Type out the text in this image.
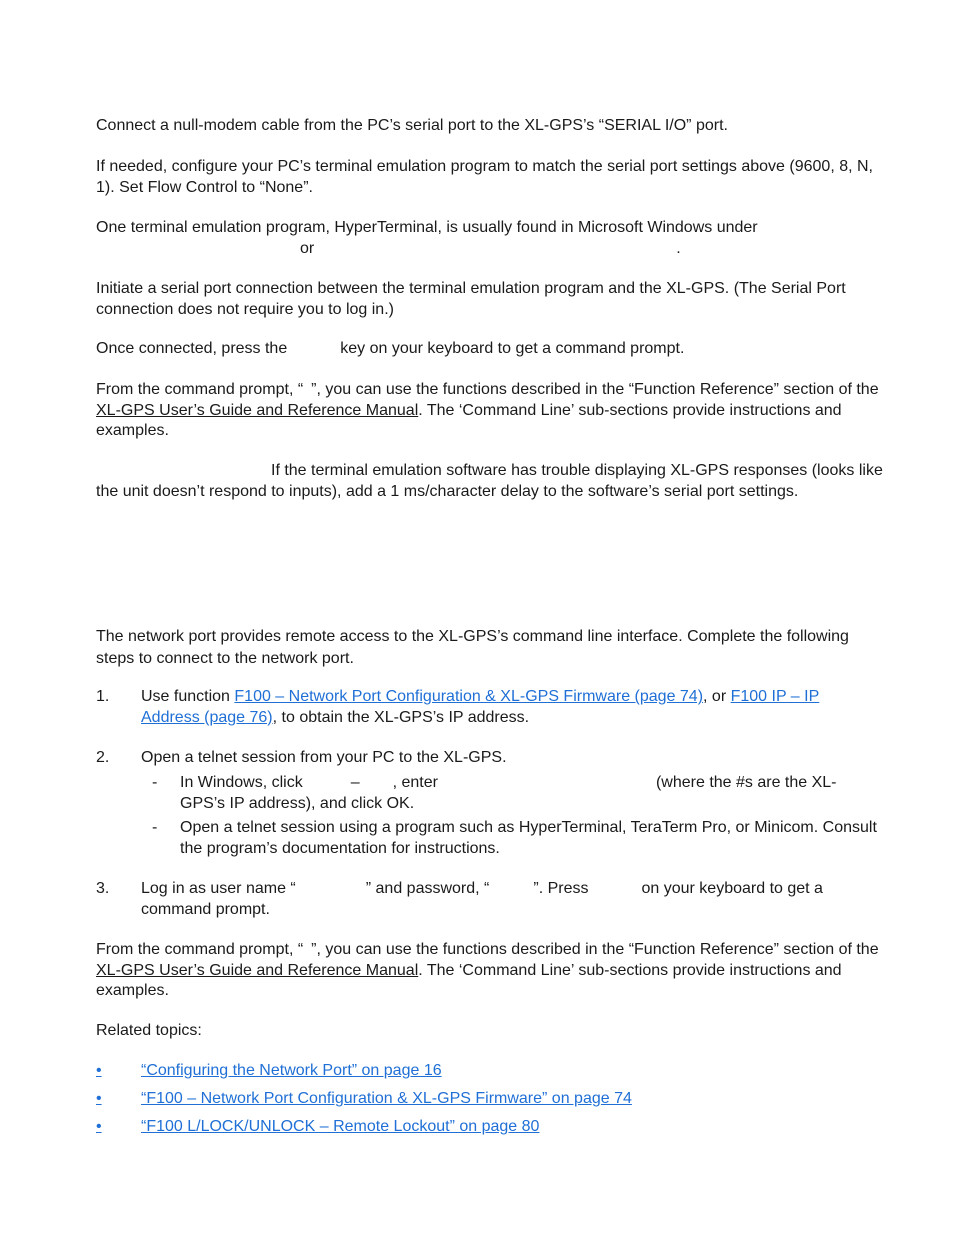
Connect a null-modem cable from the PC’s serial port to the XL-GPS’s “SERIAL I/O” port.

If needed, configure your PC’s terminal emulation program to match the serial port settings above (9600, 8, N, 1). Set Flow Control to “None”.

One terminal emulation program, HyperTerminal, is usually found in Microsoft Windows under
or	.

Initiate a serial port connection between the terminal emulation program and the XL-GPS. (The Serial Port connection does not require you to log in.)

Once connected, press the	key on your keyboard to get a command prompt.

From the command prompt, “ ”, you can use the functions described in the “Function Reference” section of the XL-GPS User’s Guide and Reference Manual. The ‘Command Line’ sub-sections provide instructions and examples.

If the terminal emulation software has trouble displaying XL-GPS responses (looks like the unit doesn’t respond to inputs), add a 1 ms/character delay to the software’s serial port settings.

The network port provides remote access to the XL-GPS’s command line interface. Complete the following steps to connect to the network port.

1. Use function F100 – Network Port Configuration & XL-GPS Firmware (page 74), or F100 IP – IP Address (page 76), to obtain the XL-GPS’s IP address.
2. Open a telnet session from your PC to the XL-GPS.
- In Windows, click	– , enter	(where the #s are the XL-GPS’s IP address), and click OK.
- Open a telnet session using a program such as HyperTerminal, TeraTerm Pro, or Minicom. Consult the program’s documentation for instructions.
3. Log in as user name “	” and password, “	”. Press	on your keyboard to get a command prompt.

From the command prompt, “ ”, you can use the functions described in the “Function Reference” section of the XL-GPS User’s Guide and Reference Manual. The ‘Command Line’ sub-sections provide instructions and examples.

Related topics:

• “Configuring the Network Port” on page 16
• “F100 – Network Port Configuration & XL-GPS Firmware” on page 74
• “F100 L/LOCK/UNLOCK – Remote Lockout” on page 80
